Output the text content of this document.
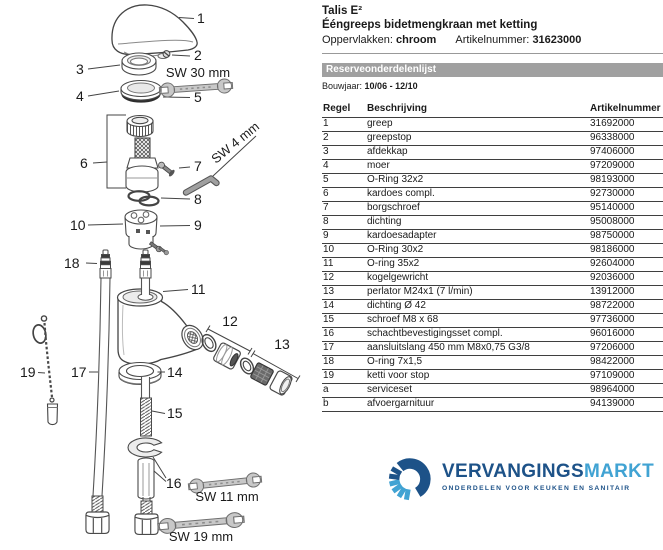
1
2
3
4	5
SW 30 mm
6	7 SW 4 mm
8
10	9
19
18
17
11
12
13
14
15
16
SW 11 mm
SW 19 mm
Talis E²
Ééngreeps bidetmengkraan met ketting
Oppervlakken: chroom Artikelnummer: 31623000
Reserveonderdelenlijst
Bouwjaar: 10/06 - 12/10
Regel	Beschrijving	Artikelnummer
1	greep	31692000
2	greepstop	96338000
3	afdekkap	97406000
4	moer	97209000
5	O-Ring 32x2	98193000
6	kardoes compl.	92730000
7	borgschroef	95140000
8	dichting	95008000
9	kardoesadapter	98750000
10	O-Ring 30x2	98186000
11	O-ring 35x2	92604000
12	kogelgewricht	92036000
13	perlator M24x1 (7 l/min)	13912000
14	dichting Ø 42	98722000
15	schroef M8 x 68	97736000
16	schachtbevestigingsset compl.	96016000
17	aansluitslang 450 mm M8x0,75 G3/8	97206000
18	O-ring 7x1,5	98422000
19	ketti voor stop	97109000
a	serviceset	98964000
b	afvoergarnituur	94139000
VERVANGINGSMARKT
ONDERDELEN VOOR KEUKEN EN SANITAIR
